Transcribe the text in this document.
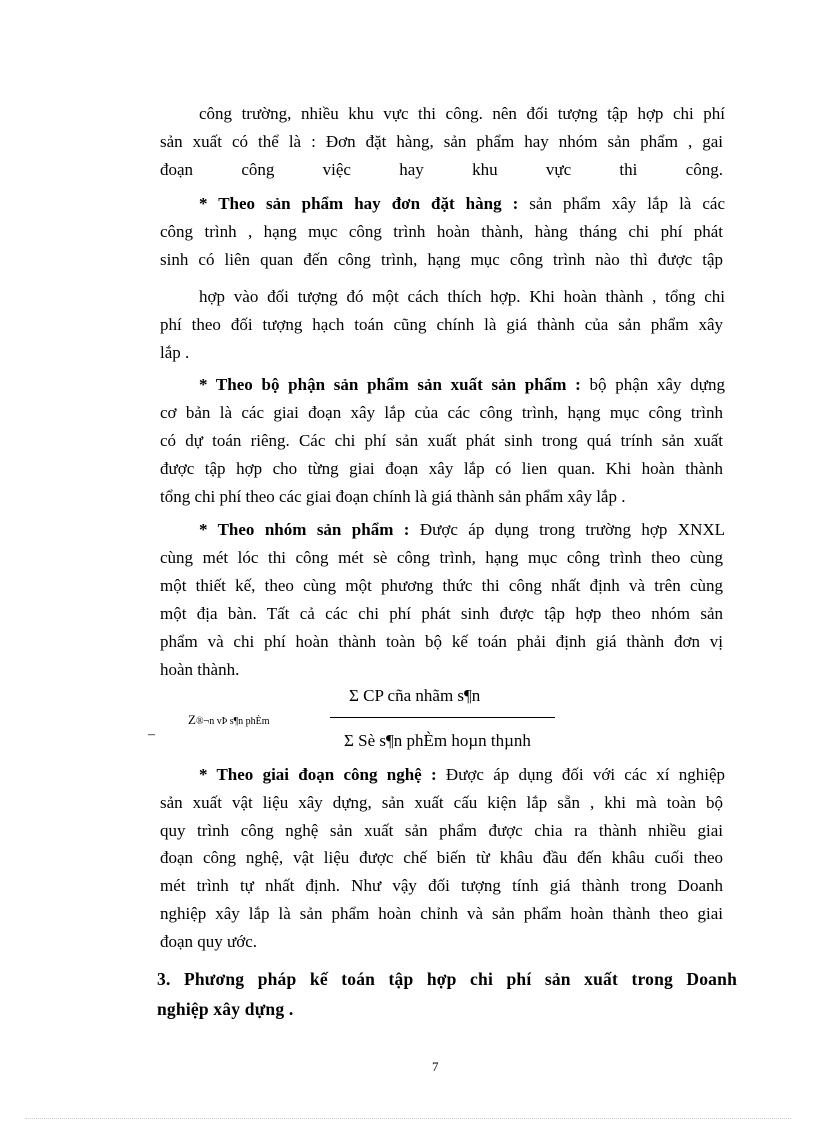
công trường, nhiều khu vực thi công. nên đối tượng tập hợp chi phí
sản xuất có thể là : Đơn đặt hàng, sản phẩm hay nhóm sản phẩm , gai
đoạn	công	việc	hay	khu	vực	thi	công.
* Theo sản phẩm hay đơn đặt hàng : sản phẩm xây lắp là các
công trình , hạng mục công trình hoàn thành, hàng tháng chi phí phát
sinh có liên quan đến công trình, hạng mục công trình nào thì được tập
hợp vào đối tượng đó một cách thích hợp. Khi hoàn thành , tổng chi
phí theo đối tượng hạch toán cũng chính là giá thành của sản phẩm xây
lắp .
* Theo bộ phận sản phẩm sản xuất sản phẩm : bộ phận xây dựng
cơ bản là các giai đoạn xây lắp của các công trình, hạng mục công trình
có dự toán riêng. Các chi phí sản xuất phát sinh trong quá trính sản xuất
được tập hợp cho từng giai đoạn xây lắp có lien quan. Khi hoàn thành
tổng chi phí theo các giai đoạn chính là giá thành sản phẩm xây lắp .
* Theo nhóm sản phẩm : Được áp dụng trong trường hợp XNXL
cùng mét lóc thi công mét sè công trình, hạng mục công trình theo cùng
một thiết kế, theo cùng một phương thức thi công nhất định và trên cùng
một địa bàn. Tất cả các chi phí phát sinh được tập hợp theo nhóm sản
phẩm và chi phí hoàn thành toàn bộ kế toán phải định giá thành đơn vị
hoàn thành.
Z®¬n vÞ s¶n phÈm
–
Σ CP cña nhãm s¶n
Σ Sè s¶n phÈm hoµn thµnh
* Theo giai đoạn công nghệ : Được áp dụng đối với các xí nghiệp
sản xuất vật liệu xây dựng, sản xuất cấu kiện lắp sẵn , khi mà toàn bộ
quy trình công nghệ sản xuất sản phẩm được chia ra thành nhiều giai
đoạn công nghệ, vật liệu được chế biến từ khâu đầu đến khâu cuối theo
mét trình tự nhất định. Như vậy đối tượng tính giá thành trong Doanh
nghiệp xây lắp là sản phẩm hoàn chỉnh và sản phẩm hoàn thành theo giai
đoạn quy ước.
3. Phương pháp kế toán tập hợp chi phí sản xuất trong Doanh
nghiệp xây dựng .
7
